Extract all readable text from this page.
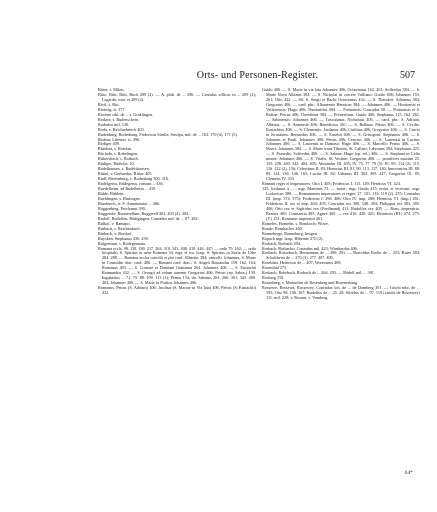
Orts- und Personen-Register.	507

Bitter, s. Milon.

Biito, Ritti, Ritti, Buch 209 (2). — A. plab. de ... 296. — Centulus villicus in ... 209 (2); Legardis coni. ei 209 (2).

Rivil, s. Riti.

Rietwig, is. 377.

Riwitue sibi. de ... s. Graklingen.

Rodace, s. Rudenschein.

Rodarius mil. 120.

Roda, v. Reicharbreich 403.

Rudenburg, Rodenburg, Fridericus Strulle, Strulpu, mil. de ... 163. 170 (4). 171 (5).

Rodeur, Libertas. is. 296.

Rödiger 409.

Rhödera, s. Rotelau.

Rücheln, s. Robelingen.

Riikersbach, s. Rothach.

Rüdiger, Rüdiche. 10.

Rüdelhausen, s. Rudelshausen.

Rüttel, v. Gerhardus, Ritter. 405.

Rudl, Rüetenburg, v. Rodenburg 300. 316.

Rüdelgerus, Rüdegerus, rursum ... 436.

Ruedelheim, ad Rudelheim ... 410.

Rühle, Rühlein.

Rüehlingen, s. Rintingen.

Ruoderich, is. S. Annunziator ... 406.

Rüggenberg, Prochaunt 390.

Ruggerule, Ruonerellum, Ruggerell 402. 403 (4). 404.

Rudolf, Rudolfen, Rüdigingen, Conradus mil. de ... 97. 282.

Rülkof, v. Ramapo.

Rürbach, s. Reichenbach.

Rürbach, v. Rordorf.

Ruysken, Stephanus 436. 439.

Rulgensum, s. Rodegensum.

Romana eccla. 99. 138. 180. 217. 264. 310. 343. 408. 410. 446. 447; — ordo 79. 162; — ordo hospitalis S. Spiritus in urbe Romana 34; mgr. et fra. hosp. S. Spiritus in Saxia de Urbe 284. 288. — Romana ecclia concilii et pbr card. Albertus 384; cancelli. Johannes, S. Marie in Cosmidin diac. card. 406. — Romani card. diac.; S. Angeli Romandus 159. 162. 164; Romanus 403. — S. Cosmae et Damiani Gratianus 264. Johannes 406. — S. Eustachii Raimundus 432. — S. Georgii ad velum aureum Gregorius 406; Petrus (ep. Sabin.) 139. Ingubertus ... 71. 75. 88. 109. 113 (3); Petrus 154; dn. Sabinus 264. 266. 301. 345. 400. 402; Johannes 406. — S. Marie in Porticu Johannes 406.

Romanus, Petrus (S. Adriani) 406; Jacobus (S. Mariae in Via lata) 406; Petrus (S. Eustachii) 432.

Guido 406. — S. Marie in via lata Johannes 406; Octavianus 162. 261; Soffredus 384. — S. Marie Nova Albinus 384. — S. Nicholai in carcere Tulliano: Guido 406; Johannes 153. 261; Otto 432. — SS. S. Sergii et Bachi Octavianus 432. — S. Theodori: Adiranus 384; Gregorius 406. — card. pbr.: Albanensis Henricus 384; — Johannes 406. — Hostiensis et Velletrensis: Hugo 406; Theobaldus 384. — Portuensis: Conradus 50. — Portuensis et S. Rufine: Petrus 406; Theodinus 384. — Prenestinus: Guido 406; Stephanus 115. 162. 261. — Sabinensis: Johannes 406. — Tusculanus: Nicholaus 406. — card. pbr.: S. Adriani, Albinus. — S. Anastasie 406; Benedictus 261. — S. Balbine; Petrus 406. — S. Cecilie, Eustachius 406. — S. Clementis: Jordanus 406; Cinthius 406; Gregorius 406. — S. Crucis in Jerusalem: Bernardus 406. — S. Eusebii 406. — S. Grisogoni: Stephanus 406. — S. Johannis et Pauli, Johannes 406; Petrus 406; Cencius 406. — S. Laurentii in Lucina: Johannes 406. — S. Laurentii in Damaso: Hugo 406. — S. Marcelli: Petrus 406. — S. Marci: Johannes 384. — S. Marie trans Tiberim, St. Callisti: Laborans 384; Stephanus 425. — S. Praxedis: Soffredus 406. — S. Sabine: Hugo (ep. sel.) 406. — S. Stephani in Celio monte: Johannes 406. — S. Vitalis, St. Vestine: Gregorius 406. — pontifices maximi 25. 155. 238. 260. 345. 404. 405; Alexander III. 405; IV. 75. 77. 79 (5). 81. 83. 114 (2). 115. 116. 122 (2). 136; Celestinus II. 83; Honorius III. 81. 90. 113. 117. 130; Innocentius III. 80. 85. 124. 136. 146. 165; Lucius III. 82; Urbanus III. 304. 305. 427; Gregorius IX. 85; Clemens IV. 433.

Romani reges et imperatores: Otto I. 405; Fridericus I. 115. 149; Henricus VI. 424.

125; lordanus a ... ; mgr. Martinus 73. — notar.; mgr. Guido 415; notar. et vicecanc. mgr. Lodovicus 380. — Romanorum imperatores et reges: 27. 101. 116. 119 (2). 255; Conradus III. (imp. 374. 375); Fridericus I. 296. 406; Otto IV. imp. 280; Henricus VI. (imp.) 261; Fridericus II. rex et imp. 404; 405; Conradus rex 300. 348. 384; Philippus rex 303. 305. 406; Otto rex et Sigfridus rex (Ferdinand) 411; Rudolfus rex 405. — Rom. imperatrix: Beatrix 405; Constantia 405; Agnes 405. — rex 416. 420. 421; Heinricus (III.) 274. 275. (V.) 251; Romanus imperator 261.

Romeles, Homelm, s. Romboch; Wirze.

Ronde, Romhacher 260.

Ronneberge, Ronneburg, Imtgen.

Ropach mgr. hosp. Hibernie 270 (2).

Rorbach, Rorbach 294.

Rorbach, Rorbacho, Conradus mil. 423; Wirnhardus 406.

Rosbach, Rossebach, Hermannus de ... 290. 291. — Bertoldus Eselin de ... 255; Ruter 384; Schultheiss de ... 270 (3). 277. 407. 409.

Roseblatt, Heinricus de ... 407; Wortwinus 409.

Rosenthal 273.

Rosbach, Rohrbach, Rorbach de ... 264. 293. — Rödelf mil. ... 391.

Rosberg 310.

Rosenberg, v. Monachus de Rosenberg und Rosenesburg.

Rossewe, Rossewa, Rossewey, Conradus sch. de ... de Damberg 301. — Gisela mbr. de ... 195; Otto 98. 106. 167; Rudolfus de ... 25. 28; Sifridus de ... 97. 119 (viridis de Rossewey) 111; mil. 229; v. Rossen, s. Vomberg.

64*
